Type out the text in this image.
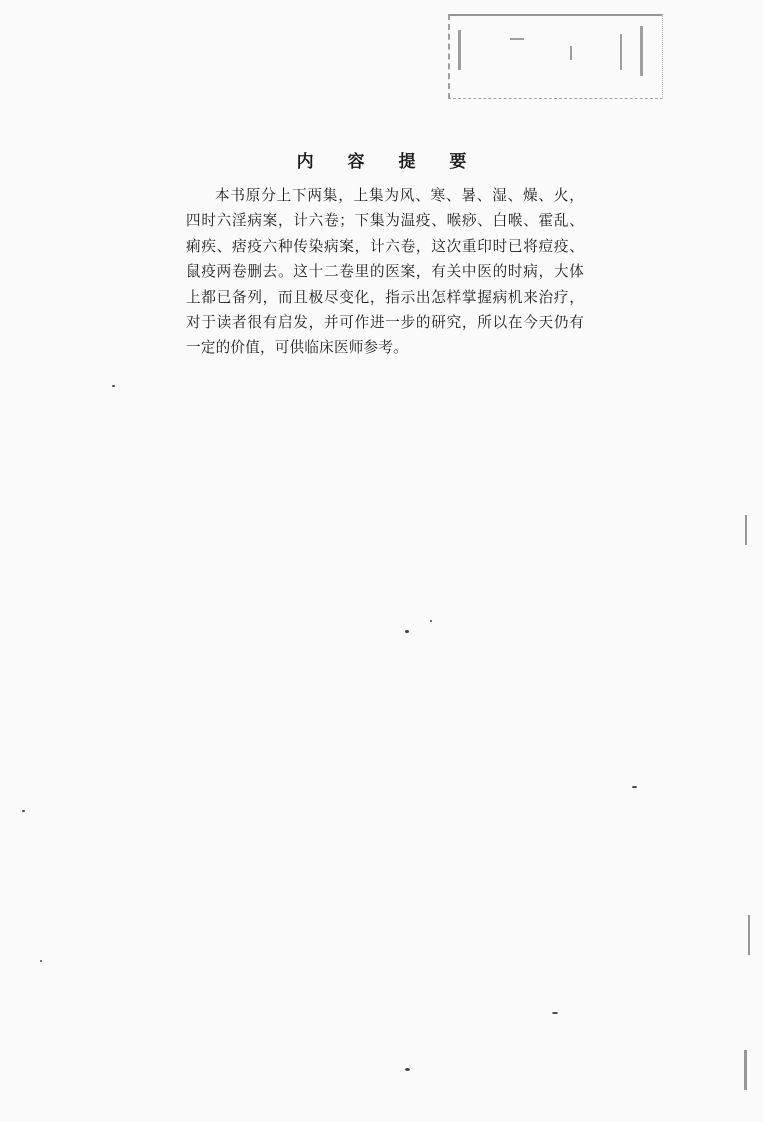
内 容 提 要

本书原分上下两集，上集为风、寒、暑、湿、燥、火，四时六淫病案，计六卷；下集为温疫、喉痧、白喉、霍乱、痢疾、痞疫六种传染病案，计六卷，这次重印时已将痘疫、鼠疫两卷删去。这十二卷里的医案，有关中医的时病，大体上都已备列，而且极尽变化，指示出怎样掌握病机来治疗，对于读者很有启发，并可作进一步的研究，所以在今天仍有一定的价值，可供临床医师参考。
